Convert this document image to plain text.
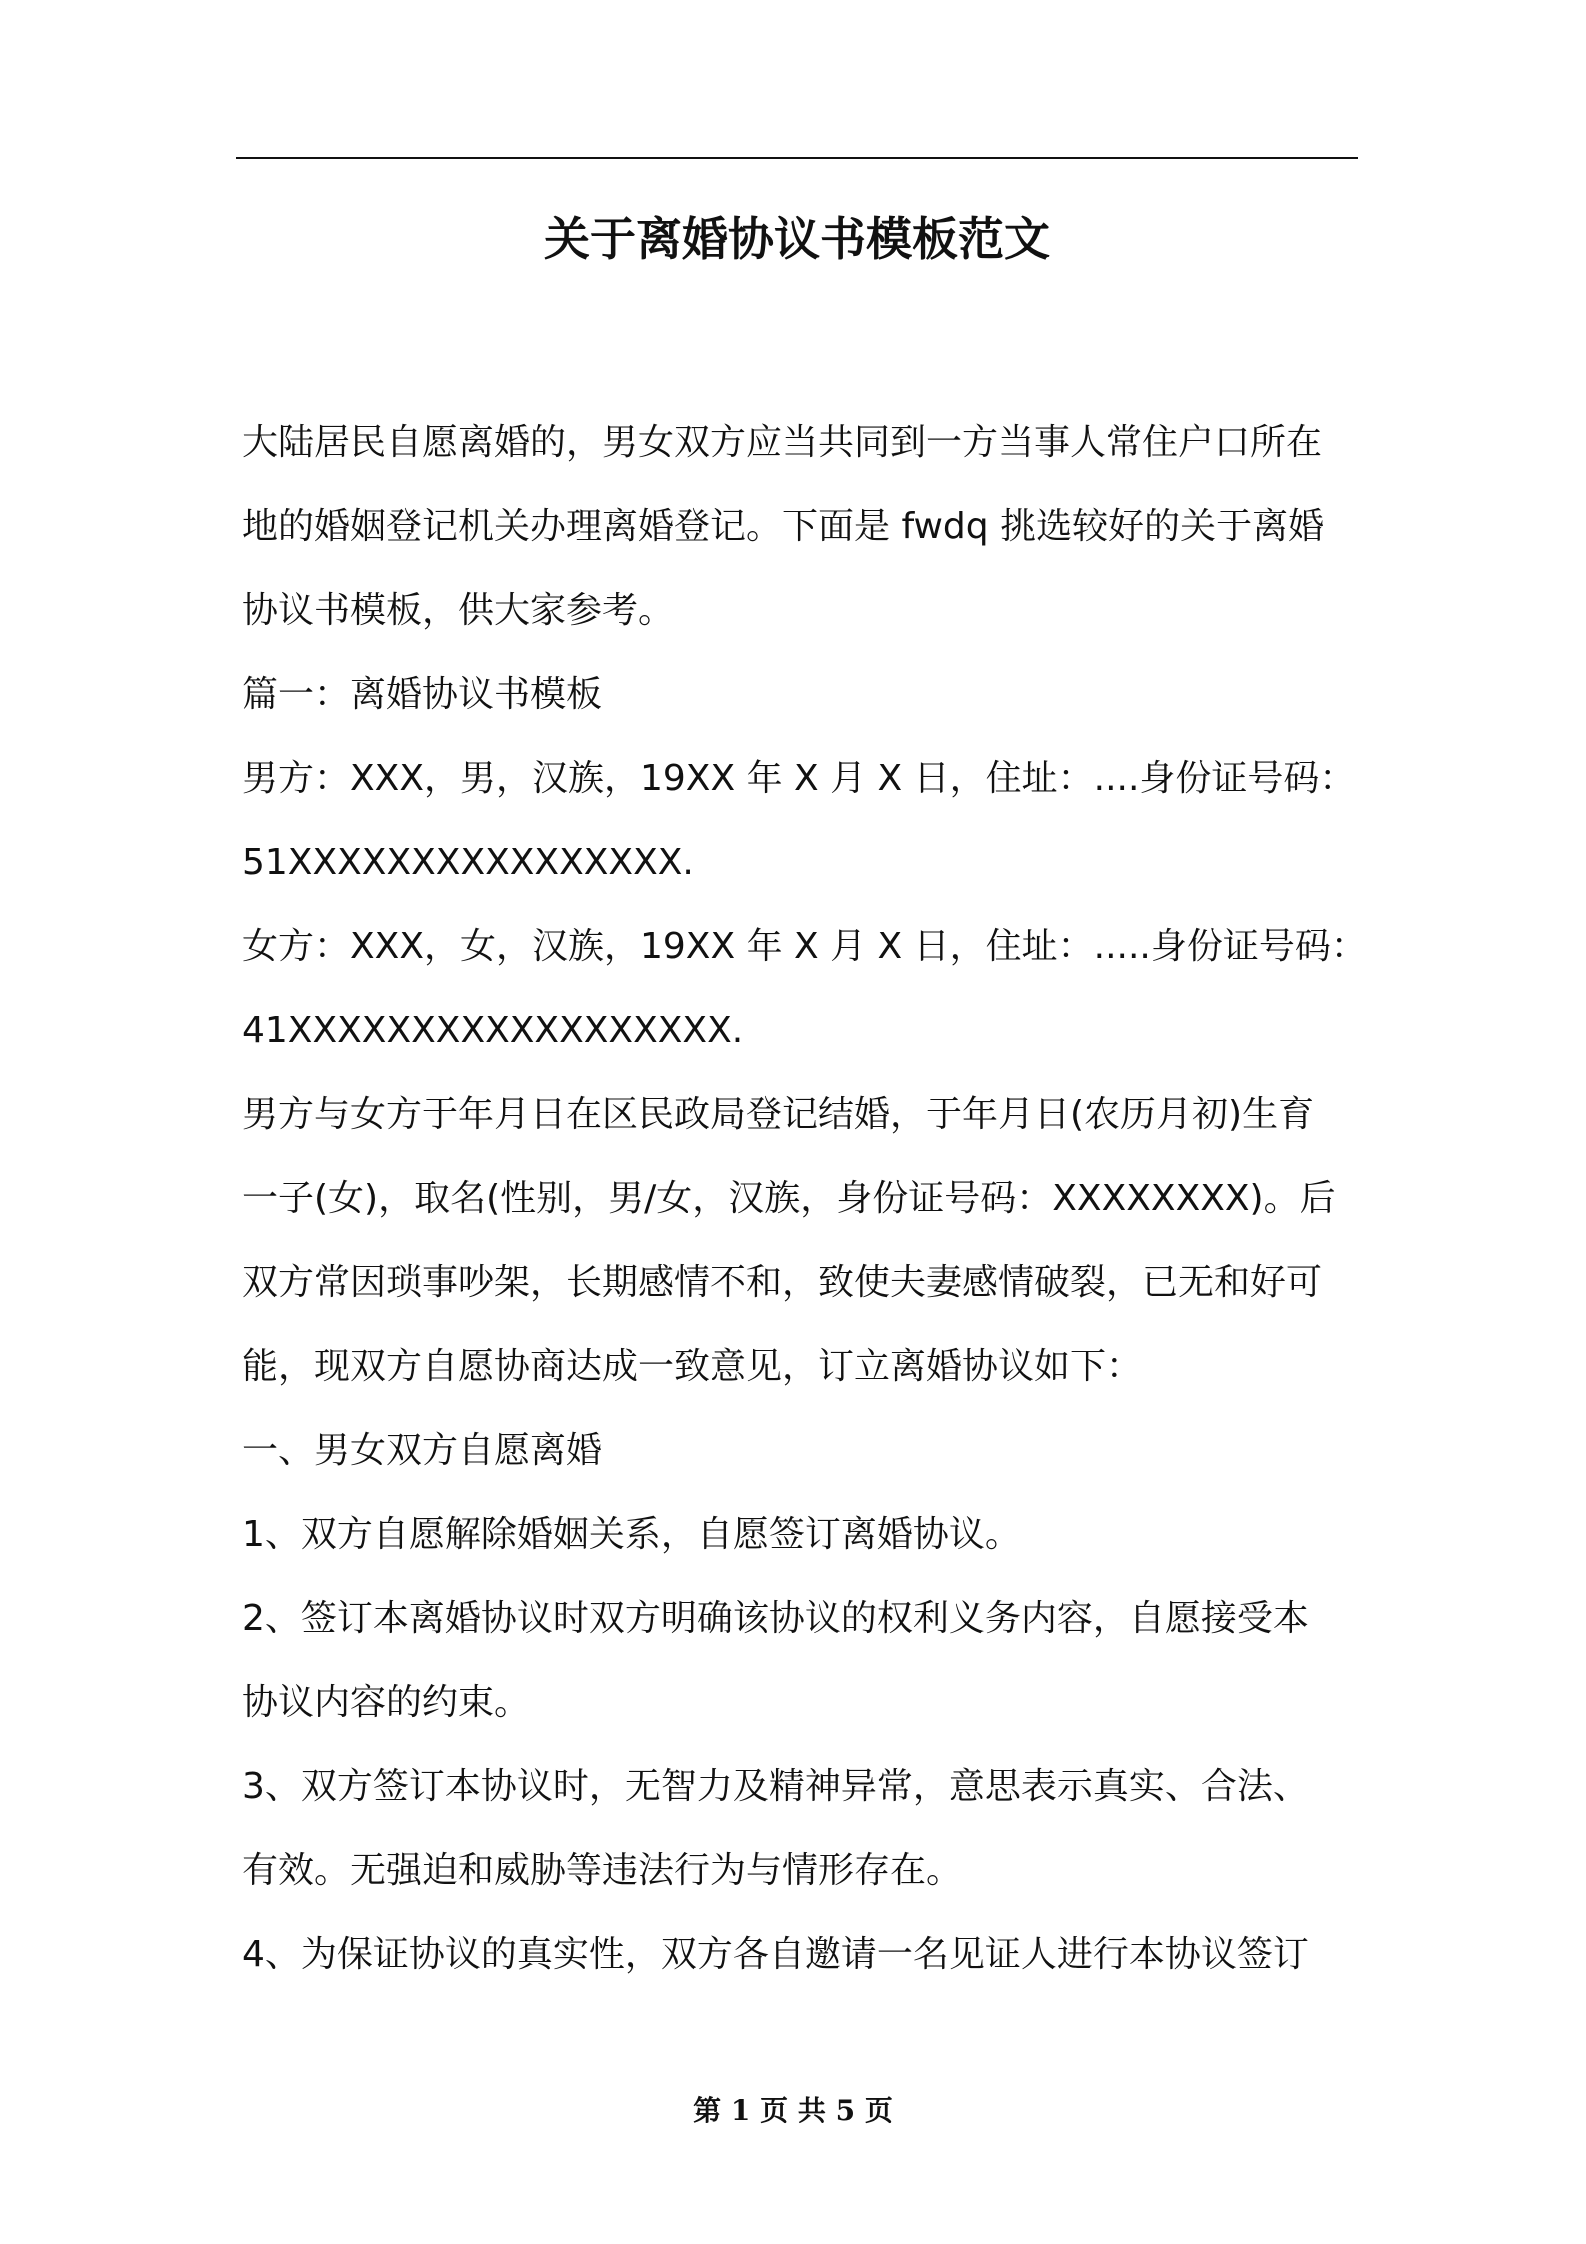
关于离婚协议书模板范文
大陆居民自愿离婚的，男女双方应当共同到一方当事人常住户口所在
地的婚姻登记机关办理离婚登记。下面是 fwdq 挑选较好的关于离婚
协议书模板，供大家参考。
篇一：离婚协议书模板
男方：XXX，男，汉族，19XX 年 X 月 X 日，住址：....身份证号码：
51XXXXXXXXXXXXXXXX.
女方：XXX，女，汉族，19XX 年 X 月 X 日，住址：.....身份证号码：
41XXXXXXXXXXXXXXXXXX.
男方与女方于年月日在区民政局登记结婚，于年月日(农历月初)生育
一子(女)，取名(性别，男/女，汉族，身份证号码：XXXXXXXX)。后
双方常因琐事吵架，长期感情不和，致使夫妻感情破裂，已无和好可
能，现双方自愿协商达成一致意见，订立离婚协议如下：
一、男女双方自愿离婚
1、双方自愿解除婚姻关系，自愿签订离婚协议。
2、签订本离婚协议时双方明确该协议的权利义务内容，自愿接受本
协议内容的约束。
3、双方签订本协议时，无智力及精神异常，意思表示真实、合法、
有效。无强迫和威胁等违法行为与情形存在。
4、为保证协议的真实性，双方各自邀请一名见证人进行本协议签订
第 1 页 共 5 页
